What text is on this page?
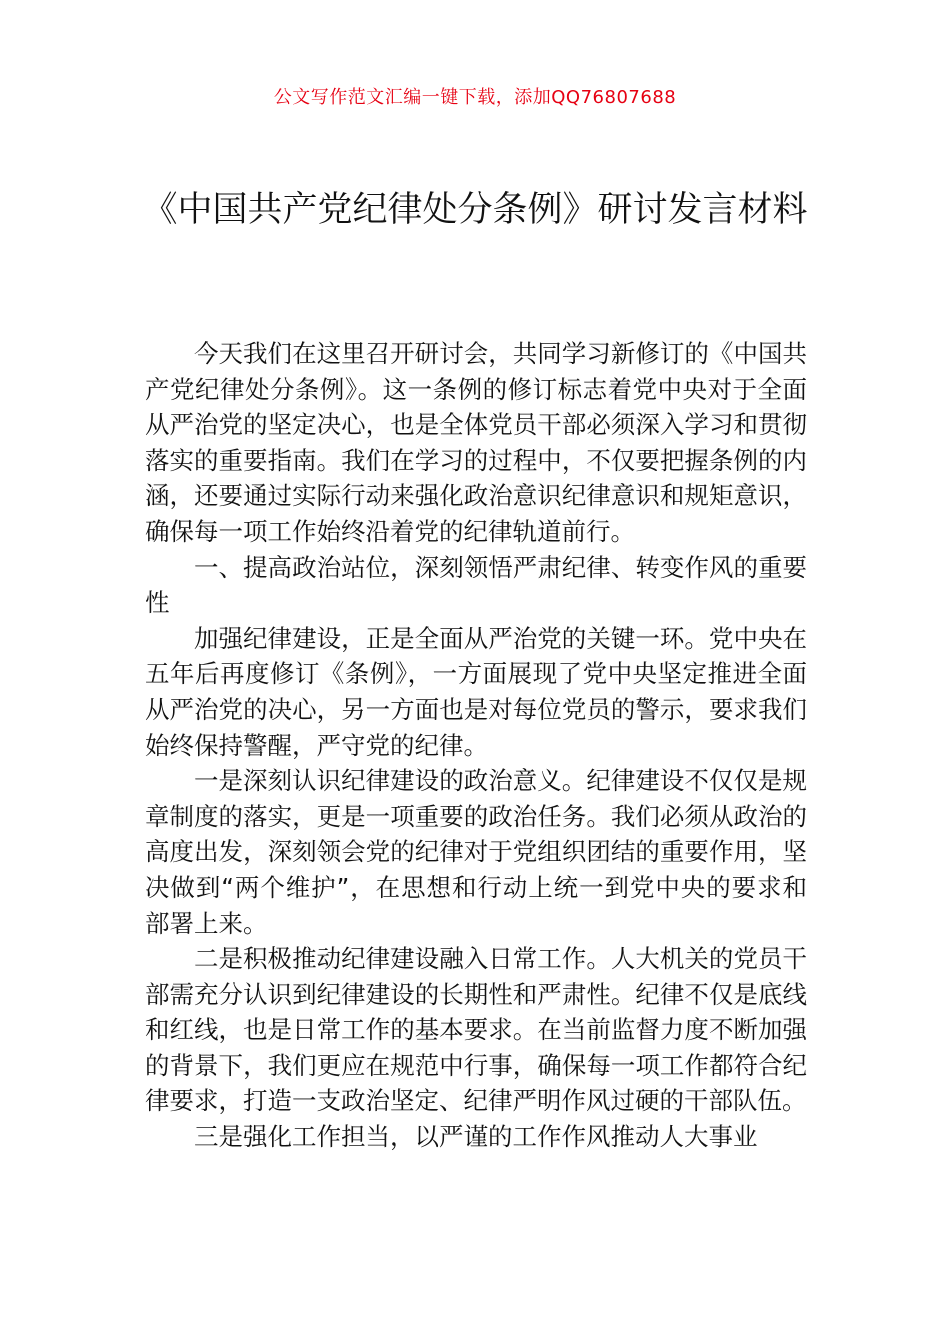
公文写作范文汇编一键下载，添加QQ76807688
《中国共产党纪律处分条例》研讨发言材料

今天我们在这里召开研讨会，共同学习新修订的《中国共产党纪律处分条例》。这一条例的修订标志着党中央对于全面从严治党的坚定决心，也是全体党员干部必须深入学习和贯彻落实的重要指南。我们在学习的过程中，不仅要把握条例的内涵，还要通过实际行动来强化政治意识纪律意识和规矩意识，确保每一项工作始终沿着党的纪律轨道前行。

一、提高政治站位，深刻领悟严肃纪律、转变作风的重要性

加强纪律建设，正是全面从严治党的关键一环。党中央在五年后再度修订《条例》，一方面展现了党中央坚定推进全面从严治党的决心，另一方面也是对每位党员的警示，要求我们始终保持警醒，严守党的纪律。

一是深刻认识纪律建设的政治意义。纪律建设不仅仅是规章制度的落实，更是一项重要的政治任务。我们必须从政治的高度出发，深刻领会党的纪律对于党组织团结的重要作用，坚决做到“两个维护”，在思想和行动上统一到党中央的要求和部署上来。

二是积极推动纪律建设融入日常工作。人大机关的党员干部需充分认识到纪律建设的长期性和严肃性。纪律不仅是底线和红线，也是日常工作的基本要求。在当前监督力度不断加强的背景下，我们更应在规范中行事，确保每一项工作都符合纪律要求，打造一支政治坚定、纪律严明作风过硬的干部队伍。

三是强化工作担当，以严谨的工作作风推动人大事业
